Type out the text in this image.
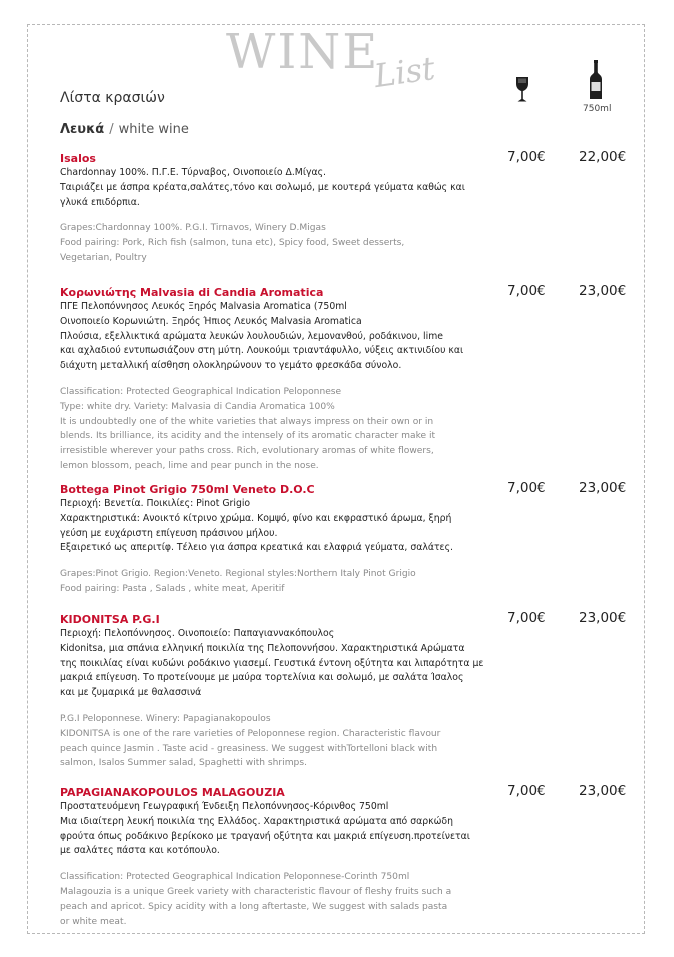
WINE
List
Λίστα κρασιών
Λευκά / white wine
750ml
Isalos
Chardonnay 100%. Π.Γ.Ε. Τύρναβος, Οινοποιείο Δ.Μίγας.
Ταιριάζει με άσπρα κρέατα,σαλάτες,τόνο και σολωμό, με κουτερά γεύματα καθώς και
γλυκά επιδόρπια.
Grapes:Chardonnay 100%. P.G.I. Tirnavos, Winery D.Migas
Food pairing: Pork, Rich fish (salmon, tuna etc), Spicy food, Sweet desserts,
Vegetarian, Poultry
7,00€ 22,00€
Κορωνιώτης Malvasia di Candia Aromatica
ΠΓΕ Πελοπόννησος Λευκός Ξηρός Malvasia Aromatica (750ml
Οινοποιείο Κορωνιώτη. Ξηρός Ήπιος Λευκός Malvasia Aromatica
Πλούσια, εξελλικτικά αρώματα λευκών λουλουδιών, λεμονανθού, ροδάκινου, lime
και αχλαδιού εντυπωσιάζουν στη μύτη. Λουκούμι τριαντάφυλλο, νύξεις ακτινιδίου και
διάχυτη μεταλλική αίσθηση ολοκληρώνουν το γεμάτο φρεσκάδα σύνολο.
Classification: Protected Geographical Indication Peloponnese
Type: white dry. Variety: Malvasia di Candia Aromatica 100%
It is undoubtedly one of the white varieties that always impress on their own or in
blends. Its brilliance, its acidity and the intensely of its aromatic character make it
irresistible wherever your paths cross. Rich, evolutionary aromas of white flowers,
lemon blossom, peach, lime and pear punch in the nose.
7,00€ 23,00€
Bottega Pinot Grigio 750ml Veneto D.O.C
Περιοχή: Βενετία. Ποικιλίες: Pinot Grigio
Χαρακτηριστικά: Ανοικτό κίτρινο χρώμα. Κομψό, φίνο και εκφραστικό άρωμα, ξηρή
γεύση με ευχάριστη επίγευση πράσινου μήλου.
Εξαιρετικό ως απεριτίφ. Τέλειο για άσπρα κρεατικά και ελαφριά γεύματα, σαλάτες.
Grapes:Pinot Grigio. Region:Veneto. Regional styles:Northern Italy Pinot Grigio
Food pairing: Pasta , Salads , white meat, Aperitif
7,00€ 23,00€
KIDONITSA P.G.I
Περιοχή: Πελοπόννησος. Οινοποιείο: Παπαγιαννακόπουλος
Κidonitsa, μια σπάνια ελληνική ποικιλία της Πελοποννήσου. Χαρακτηριστικά Αρώματα
της ποικιλίας είναι κυδώνι ροδάκινο γιασεμί. Γευστικά έντονη οξύτητα και λιπαρότητα με
μακριά επίγευση. Το προτείνουμε με μαύρα τορτελίνια και σολωμό, με σαλάτα Ίσαλος
και με ζυμαρικά με θαλασσινά
P.G.I Peloponnese. Winery: Papagianakopoulos
KIDONITSA is one of the rare varieties of Peloponnese region. Characteristic flavour
peach quince Jasmin . Taste acid - greasiness. We suggest withTortelloni black with
salmon, Isalos Summer salad, Spaghetti with shrimps.
7,00€ 23,00€
PAPAGIANAKOPOULOS MALAGOUZIA
Προστατευόμενη Γεωγραφική Ένδειξη Πελοπόννησος-Κόρινθος 750ml
Μια ιδιαίτερη λευκή ποικιλία της Ελλάδος. Χαρακτηριστικά αρώματα από σαρκώδη
φρούτα όπως ροδάκινο βερίκοκο με τραγανή οξύτητα και μακριά επίγευση.προτείνεται
με σαλάτες πάστα και κοτόπουλο.
Classification: Protected Geographical Indication Peloponnese-Corinth 750ml
Malagouzia is a unique Greek variety with characteristic flavour of fleshy fruits such a
peach and apricot. Spicy acidity with a long aftertaste, We suggest with salads pasta
or white meat.
7,00€ 23,00€
